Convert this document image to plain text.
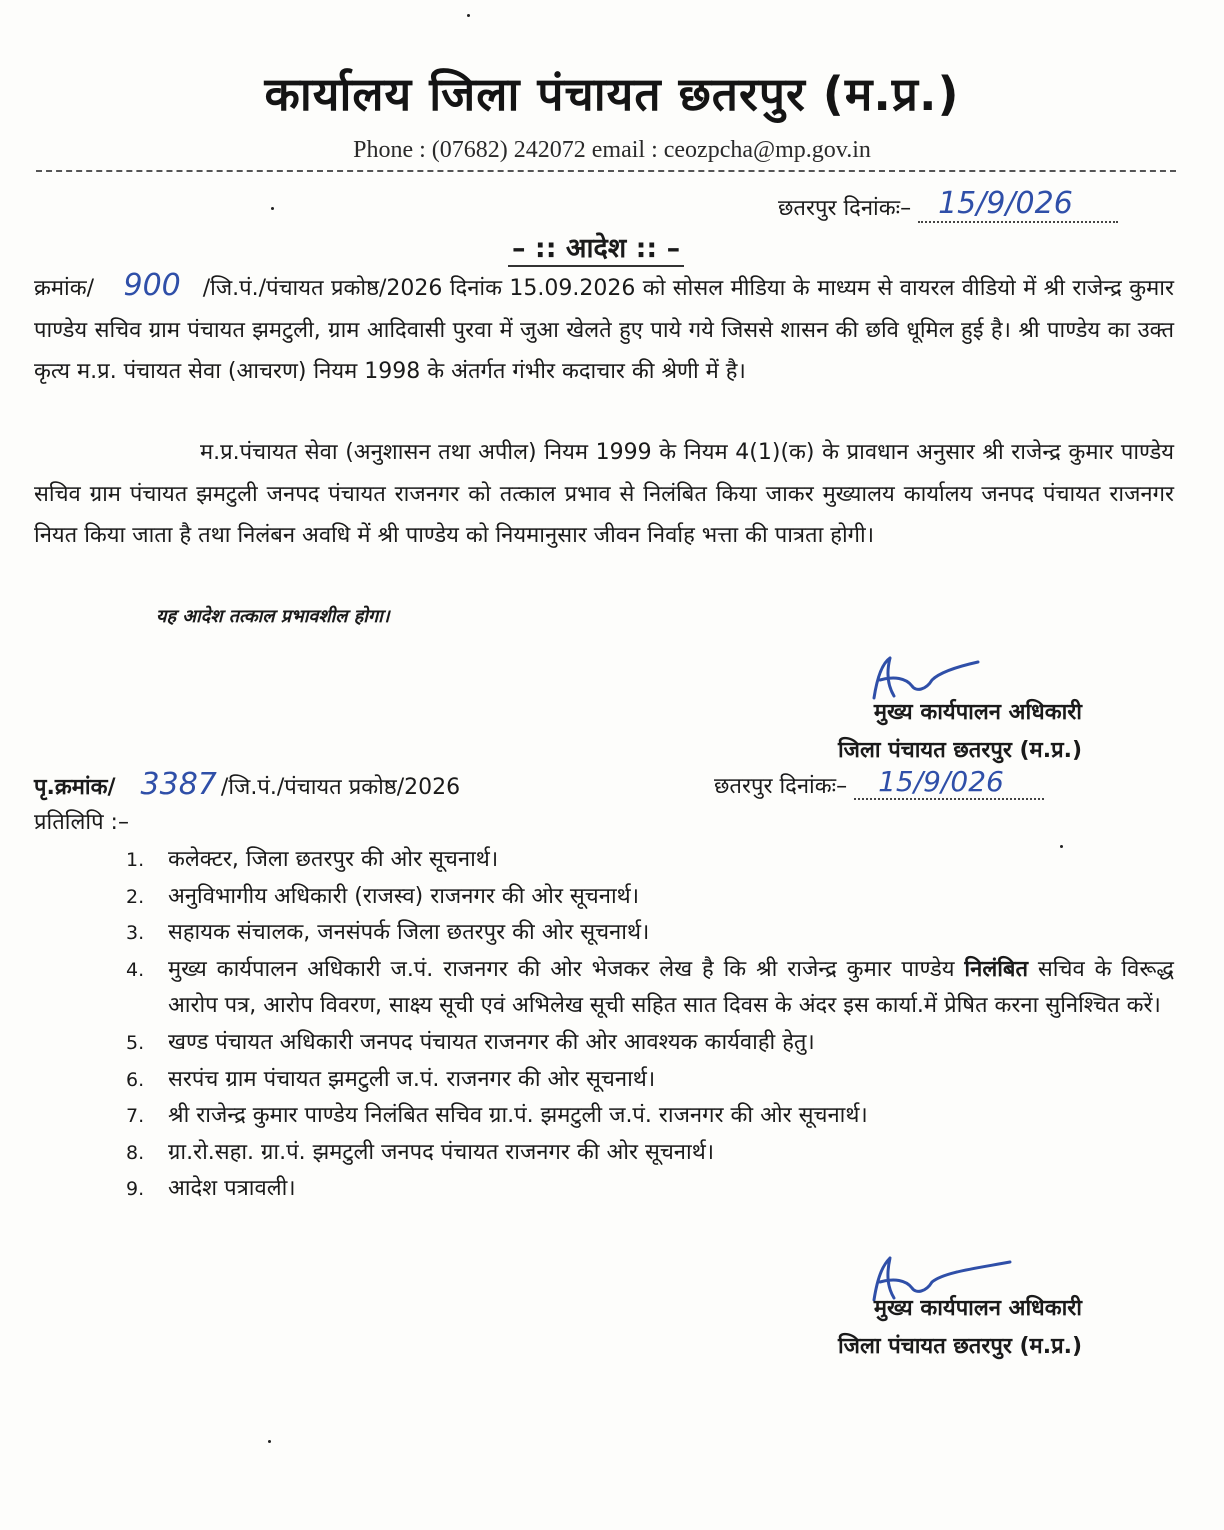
कार्यालय जिला पंचायत छतरपुर (म.प्र.)
Phone : (07682) 242072 email : ceozpcha@mp.gov.in
छतरपुर दिनांकः– 15/9/026
– :: आदेश :: –
क्रमांक/ 900 /जि.पं./पंचायत प्रकोष्ठ/2026 दिनांक 15.09.2026 को सोसल मीडिया के माध्यम से वायरल वीडियो में श्री राजेन्द्र कुमार पाण्डेय सचिव ग्राम पंचायत झमटुली, ग्राम आदिवासी पुरवा में जुआ खेलते हुए पाये गये जिससे शासन की छवि धूमिल हुई है। श्री पाण्डेय का उक्त कृत्य म.प्र. पंचायत सेवा (आचरण) नियम 1998 के अंतर्गत गंभीर कदाचार की श्रेणी में है।
म.प्र.पंचायत सेवा (अनुशासन तथा अपील) नियम 1999 के नियम 4(1)(क) के प्रावधान अनुसार श्री राजेन्द्र कुमार पाण्डेय सचिव ग्राम पंचायत झमटुली जनपद पंचायत राजनगर को तत्काल प्रभाव से निलंबित किया जाकर मुख्यालय कार्यालय जनपद पंचायत राजनगर नियत किया जाता है तथा निलंबन अवधि में श्री पाण्डेय को नियमानुसार जीवन निर्वाह भत्ता की पात्रता होगी।
यह आदेश तत्काल प्रभावशील होगा।
मुख्य कार्यपालन अधिकारी
जिला पंचायत छतरपुर (म.प्र.)
पृ.क्रमांक/ 3387 /जि.पं./पंचायत प्रकोष्ठ/2026	छतरपुर दिनांकः– 15/9/026
प्रतिलिपि :–
1. कलेक्टर, जिला छतरपुर की ओर सूचनार्थ।
2. अनुविभागीय अधिकारी (राजस्व) राजनगर की ओर सूचनार्थ।
3. सहायक संचालक, जनसंपर्क जिला छतरपुर की ओर सूचनार्थ।
4. मुख्य कार्यपालन अधिकारी ज.पं. राजनगर की ओर भेजकर लेख है कि श्री राजेन्द्र कुमार पाण्डेय निलंबित सचिव के विरूद्ध आरोप पत्र, आरोप विवरण, साक्ष्य सूची एवं अभिलेख सूची सहित सात दिवस के अंदर इस कार्या.में प्रेषित करना सुनिश्चित करें।
5. खण्ड पंचायत अधिकारी जनपद पंचायत राजनगर की ओर आवश्यक कार्यवाही हेतु।
6. सरपंच ग्राम पंचायत झमटुली ज.पं. राजनगर की ओर सूचनार्थ।
7. श्री राजेन्द्र कुमार पाण्डेय निलंबित सचिव ग्रा.पं. झमटुली ज.पं. राजनगर की ओर सूचनार्थ।
8. ग्रा.रो.सहा. ग्रा.पं. झमटुली जनपद पंचायत राजनगर की ओर सूचनार्थ।
9. आदेश पत्रावली।
मुख्य कार्यपालन अधिकारी
जिला पंचायत छतरपुर (म.प्र.)
